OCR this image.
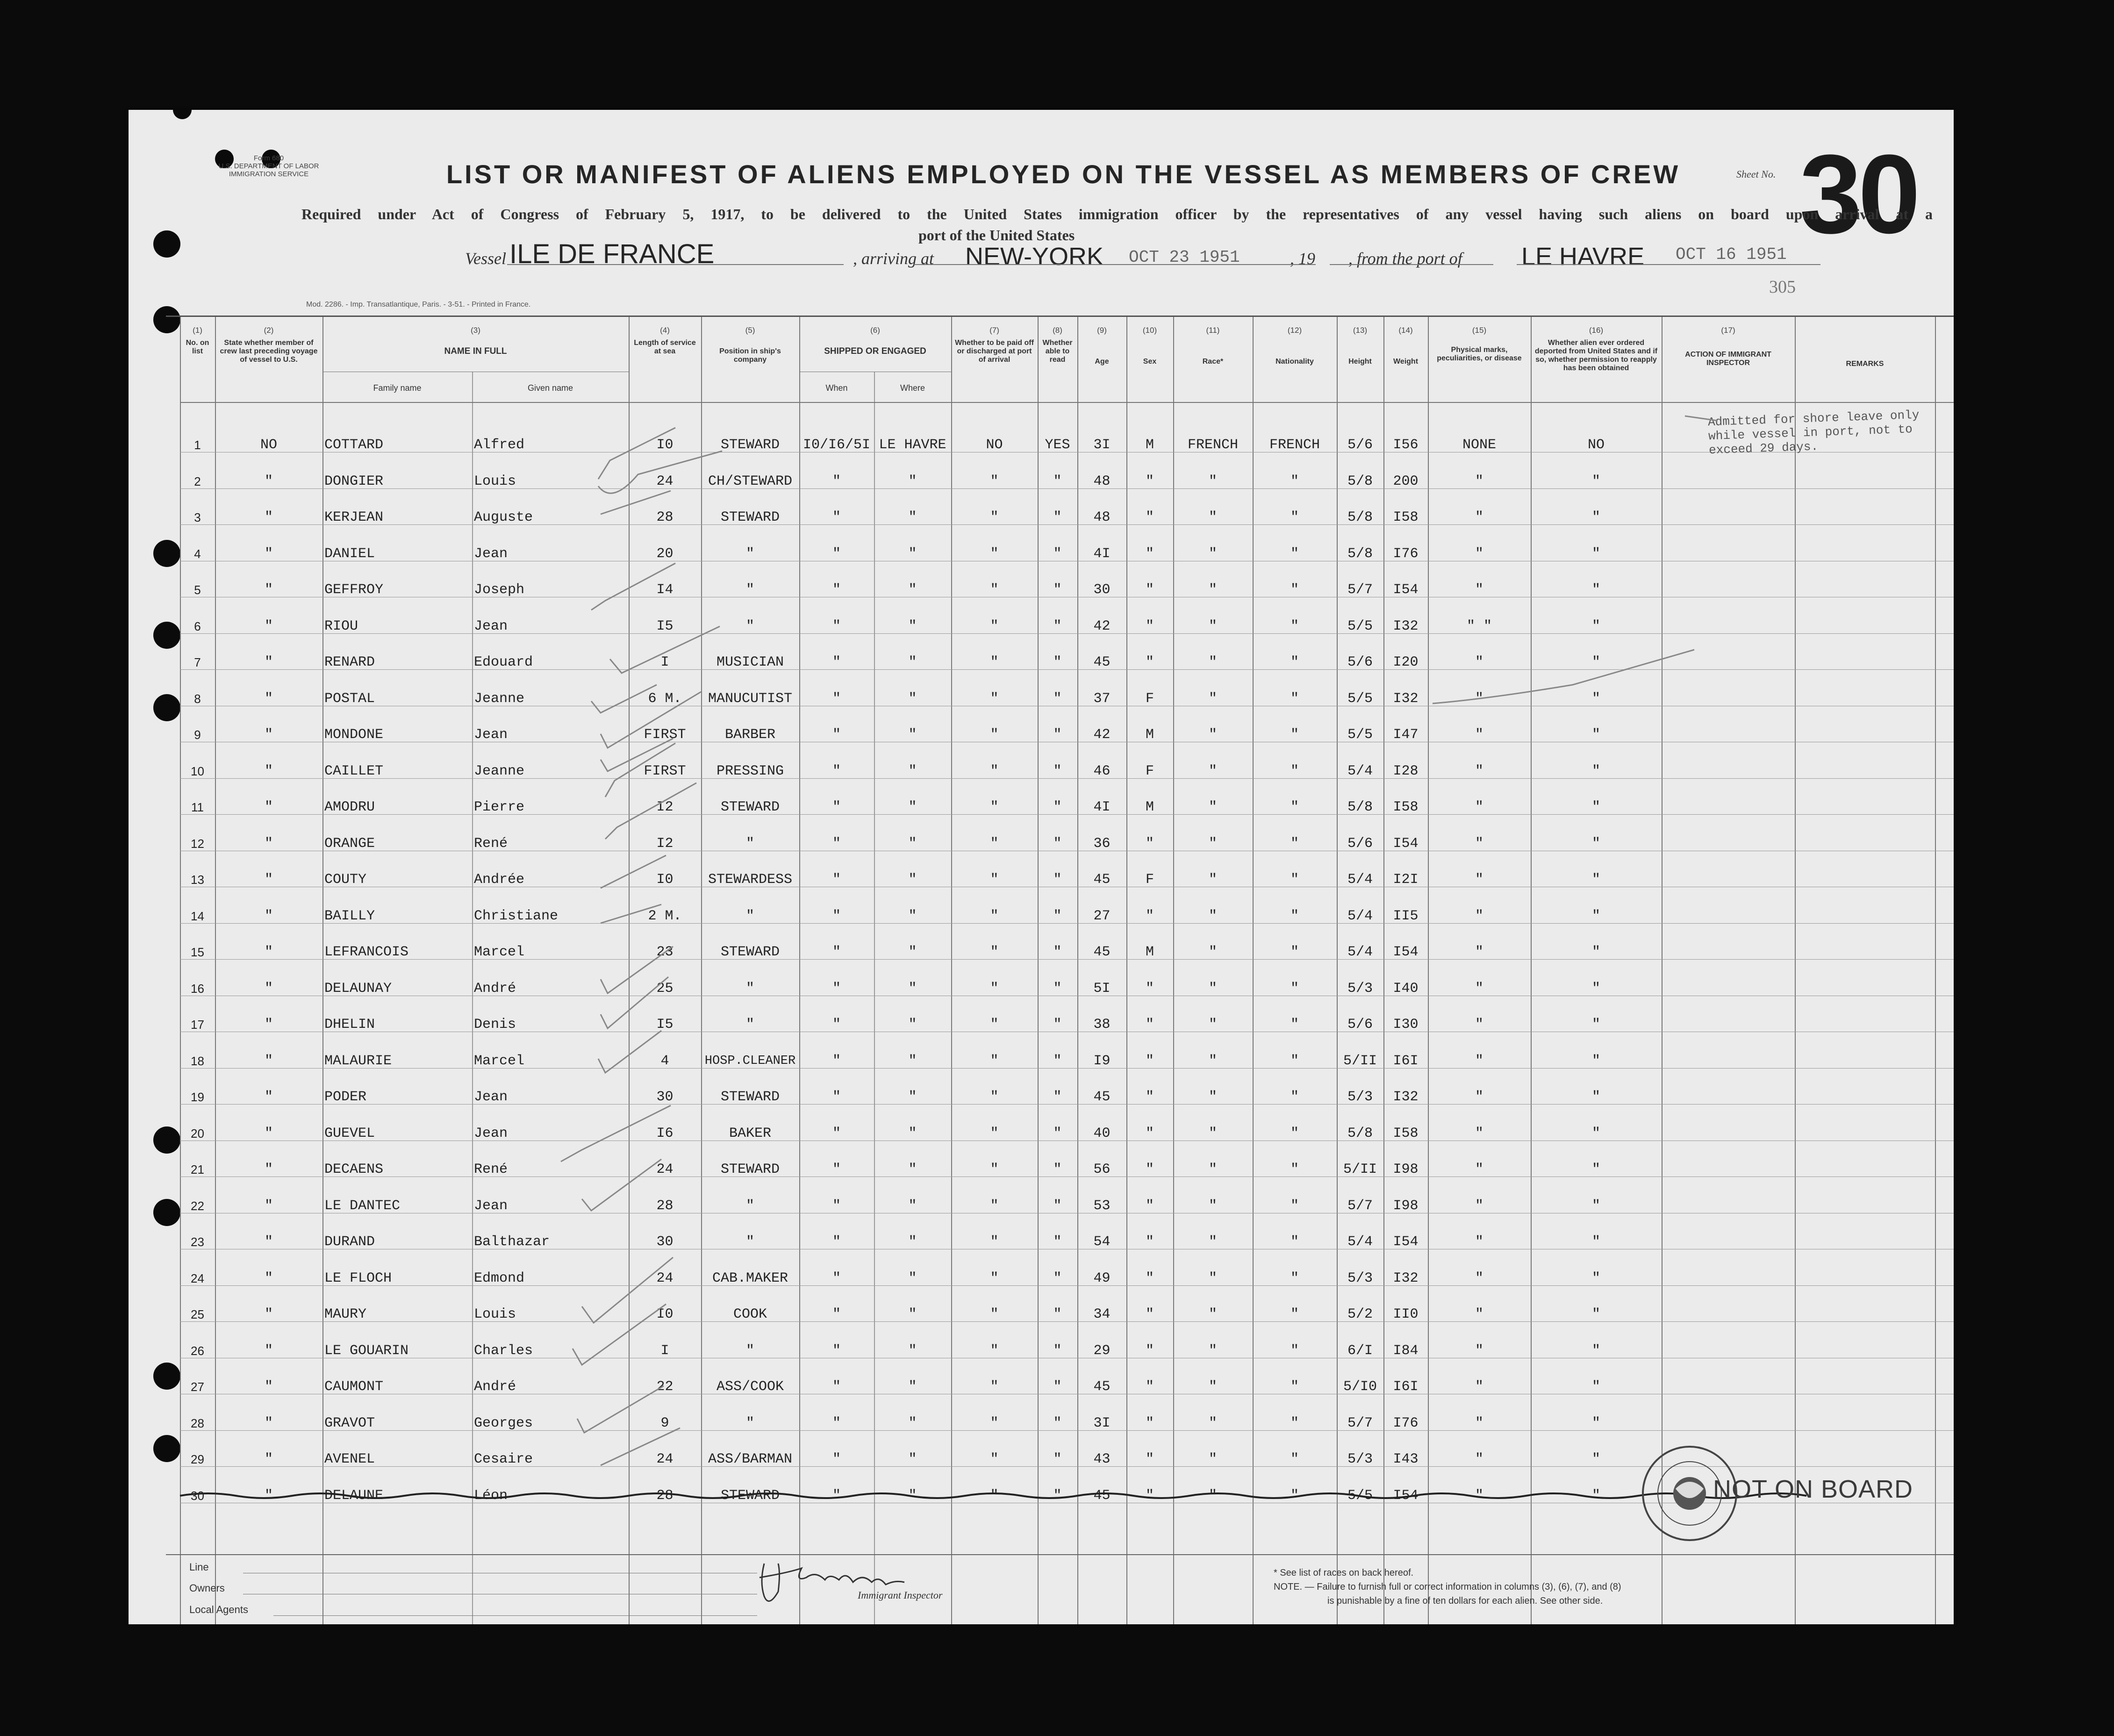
Form 680
U.S. DEPARTMENT OF LABOR
IMMIGRATION SERVICE	LIST OR MANIFEST OF ALIENS EMPLOYED ON THE VESSEL AS MEMBERS OF CREW	Sheet No. 30
Required under Act of Congress of February 5, 1917, to be delivered to the United States immigration officer by the representatives of any vessel having such aliens on board upon arrival at a
port of the United States
305
Vessel ILE DE FRANCE	, arriving at NEW-YORK OCT 23 1951	, 19 , from the port of LE HAVRE OCT 16 1951
Mod. 2286. - Imp. Transatlantique, Paris. - 3-51. - Printed in France.
(1)	(2)	(3)	(4)	(5)	(6)	(7)	(8)	(9)	(10)	(11)	(12)	(13)	(14)	(15)	(16)	(17)
No. on list
State whether member of crew last preceding voyage of vessel to U.S.
NAME IN FULL
Length of service at sea	Position in ship's company
SHIPPED OR ENGAGED
Whether to be paid off or discharged at port of arrival
Whether able to read	Age	Sex	Race*	Nationality	Height	Weight
Physical marks, peculiarities, or disease
Whether alien ever ordered deported from United States and if so, whether permission to reapply has been obtained
ACTION OF IMMIGRANT INSPECTOR	REMARKS
Family name	Given name	When	Where
1	NO	COTTARD	Alfred	I0	STEWARD	I0/I6/5I LE HAVRE	NO	YES	3I	M	FRENCH	FRENCH	5/6	I56	NONE	NO
2	"	DONGIER	Louis	24	CH/STEWARD	"	"	"	"	48	"	"	"	5/8	200	"	"
3	"	KERJEAN	Auguste	28	STEWARD	"	"	"	"	48	"	"	"	5/8	I58	"	"
4	"	DANIEL	Jean	20	"	"	"	"	"	4I	"	"	"	5/8	I76	"	"
5	"	GEFFROY	Joseph	I4	"	"	"	"	"	30	"	"	"	5/7	I54	"	"
6	"	RIOU	Jean	I5	"	"	"	"	"	42	"	"	"	5/5	I32	" "	"
7	"	RENARD	Edouard	I	MUSICIAN	"	"	"	"	45	"	"	"	5/6	I20	"	"
8	"	POSTAL	Jeanne	6 M.	MANUCUTIST	"	"	"	"	37	F	"	"	5/5	I32	"	"
9	"	MONDONE	Jean	FIRST	BARBER	"	"	"	"	42	M	"	"	5/5	I47	"	"
10	"	CAILLET	Jeanne	FIRST	PRESSING	"	"	"	"	46	F	"	"	5/4	I28	"	"
11	"	AMODRU	Pierre	I2	STEWARD	"	"	"	"	4I	M	"	"	5/8	I58	"	"
12	"	ORANGE	René	I2	"	"	"	"	"	36	"	"	"	5/6	I54	"	"
13	"	COUTY	Andrée	I0	STEWARDESS	"	"	"	"	45	F	"	"	5/4	I2I	"	"
14	"	BAILLY	Christiane	2 M.	"	"	"	"	"	27	"	"	"	5/4	II5	"	"
15	"	LEFRANCOIS	Marcel	23	STEWARD	"	"	"	"	45	M	"	"	5/4	I54	"	"
16	"	DELAUNAY	André	25	"	"	"	"	"	5I	"	"	"	5/3	I40	"	"
17	"	DHELIN	Denis	I5	"	"	"	"	"	38	"	"	"	5/6	I30	"	"
18	"	MALAURIE	Marcel	4	HOSP.CLEANER	"	"	"	"	I9	"	"	"	5/II	I6I	"	"
19	"	PODER	Jean	30	STEWARD	"	"	"	"	45	"	"	"	5/3	I32	"	"
20	"	GUEVEL	Jean	I6	BAKER	"	"	"	"	40	"	"	"	5/8	I58	"	"
21	"	DECAENS	René	24	STEWARD	"	"	"	"	56	"	"	"	5/II	I98	"	"
22	"	LE DANTEC	Jean	28	"	"	"	"	"	53	"	"	"	5/7	I98	"	"
23	"	DURAND	Balthazar	30	"	"	"	"	"	54	"	"	"	5/4	I54	"	"
24	"	LE FLOCH	Edmond	24	CAB.MAKER	"	"	"	"	49	"	"	"	5/3	I32	"	"
25	"	MAURY	Louis	I0	COOK	"	"	"	"	34	"	"	"	5/2	II0	"	"
26	"	LE GOUARIN	Charles	I	"	"	"	"	"	29	"	"	"	6/I	I84	"	"
27	"	CAUMONT	André	22	ASS/COOK	"	"	"	"	45	"	"	"	5/I0	I6I	"	"
28	"	GRAVOT	Georges	9	"	"	"	"	"	3I	"	"	"	5/7	I76	"	"
29	"	AVENEL	Cesaire	24	ASS/BARMAN	"	"	"	"	43	"	"	"	5/3	I43	"	"
30	"	DELAUNE	Léon	28	STEWARD	"	"	"	"	45	"	"	"	5/5	I54	"	"
Admitted for shore leave only while vessel in port, not to exceed 29 days.
NOT ON BOARD
Line
Owners
Local Agents
Immigrant Inspector
* See list of races on back hereof.
NOTE. — Failure to furnish full or correct information in columns (3), (6), (7), and (8)
is punishable by a fine of ten dollars for each alien. See other side.
